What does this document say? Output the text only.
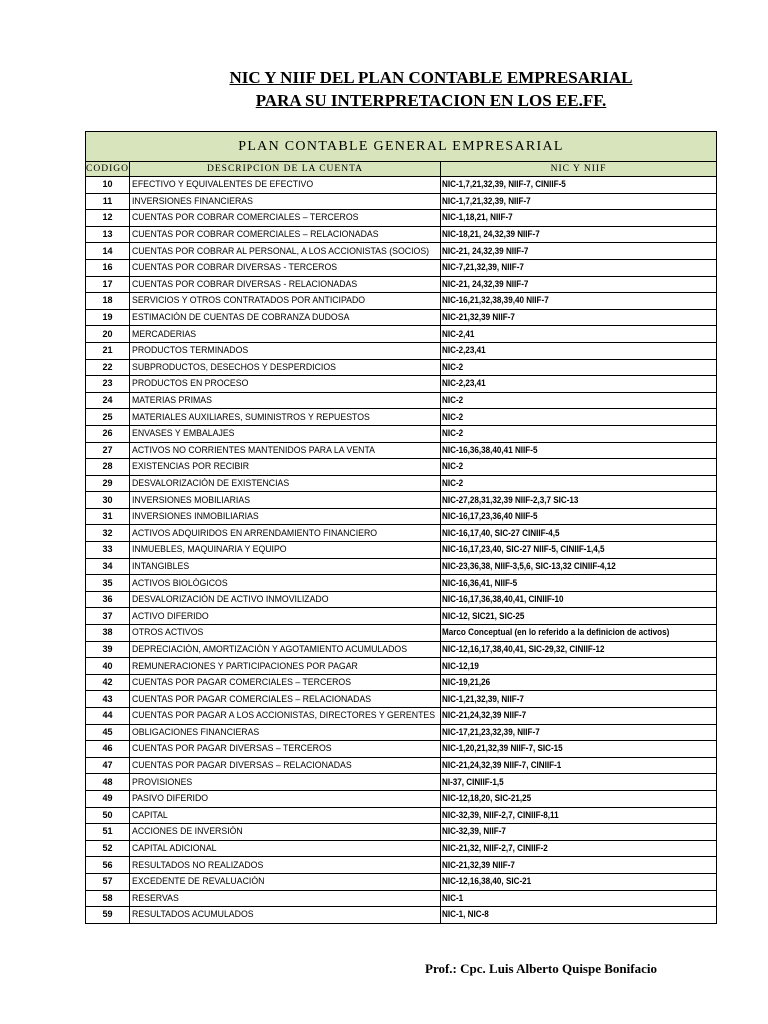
NIC Y NIIF DEL PLAN CONTABLE EMPRESARIAL
PARA SU INTERPRETACION EN LOS EE.FF.
PLAN CONTABLE GENERAL EMPRESARIAL		
CODIGO	DESCRIPCION DE LA CUENTA	NIC Y NIIF
10	EFECTIVO Y EQUIVALENTES DE EFECTIVO	NIC-1,7,21,32,39, NIIF-7, CINIIF-5
11	INVERSIONES FINANCIERAS	NIC-1,7,21,32,39, NIIF-7
12	CUENTAS POR COBRAR COMERCIALES – TERCEROS	NIC-1,18,21, NIIF-7
13	CUENTAS POR COBRAR COMERCIALES – RELACIONADAS	NIC-18,21, 24,32,39 NIIF-7
14	CUENTAS POR COBRAR AL PERSONAL, A LOS ACCIONISTAS (SOCIOS)	NIC-21, 24,32,39 NIIF-7
16	CUENTAS POR COBRAR DIVERSAS - TERCEROS	NIC-7,21,32,39, NIIF-7
17	CUENTAS POR COBRAR DIVERSAS - RELACIONADAS	NIC-21, 24,32,39 NIIF-7
18	SERVICIOS Y OTROS CONTRATADOS POR ANTICIPADO	NIC-16,21,32,38,39,40 NIIF-7
19	ESTIMACIÓN DE CUENTAS DE COBRANZA DUDOSA	NIC-21,32,39 NIIF-7
20	MERCADERIAS	NIC-2,41
21	PRODUCTOS TERMINADOS	NIC-2,23,41
22	SUBPRODUCTOS, DESECHOS Y DESPERDICIOS	NIC-2
23	PRODUCTOS EN PROCESO	NIC-2,23,41
24	MATERIAS PRIMAS	NIC-2
25	MATERIALES AUXILIARES, SUMINISTROS Y REPUESTOS	NIC-2
26	ENVASES Y EMBALAJES	NIC-2
27	ACTIVOS NO CORRIENTES MANTENIDOS PARA LA VENTA	NIC-16,36,38,40,41 NIIF-5
28	EXISTENCIAS POR RECIBIR	NIC-2
29	DESVALORIZACIÓN DE EXISTENCIAS	NIC-2
30	INVERSIONES MOBILIARIAS	NIC-27,28,31,32,39 NIIF-2,3,7 SIC-13
31	INVERSIONES INMOBILIARIAS	NIC-16,17,23,36,40 NIIF-5
32	ACTIVOS ADQUIRIDOS EN ARRENDAMIENTO FINANCIERO	NIC-16,17,40, SIC-27 CINIIF-4,5
33	INMUEBLES, MAQUINARIA Y EQUIPO	NIC-16,17,23,40, SIC-27 NIIF-5, CINIIF-1,4,5
34	INTANGIBLES	NIC-23,36,38, NIIF-3,5,6, SIC-13,32 CINIIF-4,12
35	ACTIVOS BIOLÓGICOS	NIC-16,36,41, NIIF-5
36	DESVALORIZACIÓN DE ACTIVO INMOVILIZADO	NIC-16,17,36,38,40,41, CINIIF-10
37	ACTIVO DIFERIDO	NIC-12, SIC21, SIC-25
38	OTROS ACTIVOS	Marco Conceptual (en lo referido a la definicion de activos)
39	DEPRECIACIÓN, AMORTIZACIÓN Y AGOTAMIENTO ACUMULADOS	NIC-12,16,17,38,40,41, SIC-29,32, CINIIF-12
40	REMUNERACIONES Y PARTICIPACIONES POR PAGAR	NIC-12,19
42	CUENTAS POR PAGAR COMERCIALES – TERCEROS	NIC-19,21,26
43	CUENTAS POR PAGAR COMERCIALES – RELACIONADAS	NIC-1,21,32,39, NIIF-7
44	CUENTAS POR PAGAR A LOS ACCIONISTAS, DIRECTORES Y GERENTES	NIC-21,24,32,39 NIIF-7
45	OBLIGACIONES FINANCIERAS	NIC-17,21,23,32,39, NIIF-7
46	CUENTAS POR PAGAR DIVERSAS – TERCEROS	NIC-1,20,21,32,39 NIIF-7, SIC-15
47	CUENTAS POR PAGAR DIVERSAS – RELACIONADAS	NIC-21,24,32,39 NIIF-7, CINIIF-1
48	PROVISIONES	NI-37, CINIIF-1,5
49	PASIVO DIFERIDO	NIC-12,18,20, SIC-21,25
50	CAPITAL	NIC-32,39, NIIF-2,7, CINIIF-8,11
51	ACCIONES DE INVERSIÓN	NIC-32,39, NIIF-7
52	CAPITAL ADICIONAL	NIC-21,32, NIIF-2,7, CINIIF-2
56	RESULTADOS NO REALIZADOS	NIC-21,32,39 NIIF-7
57	EXCEDENTE DE REVALUACIÓN	NIC-12,16,38,40, SIC-21
58	RESERVAS	NIC-1
59	RESULTADOS ACUMULADOS	NIC-1, NIC-8
Prof.: Cpc. Luis Alberto Quispe Bonifacio
